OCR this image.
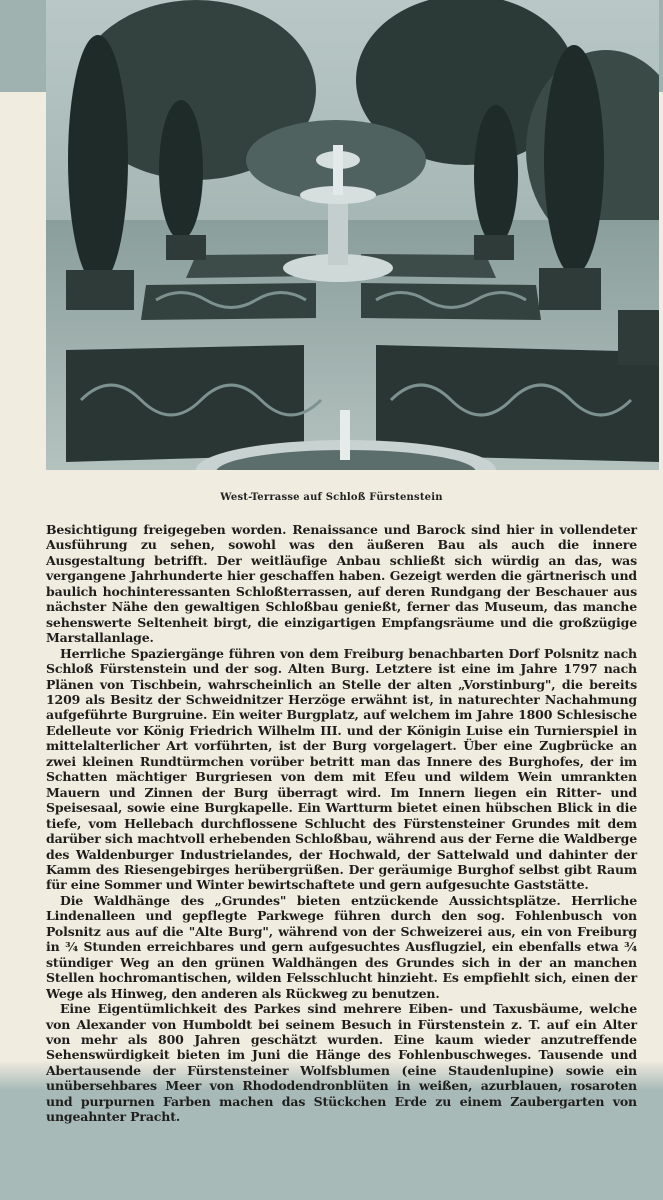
West-Terrasse auf Schloß Fürstenstein

Besichtigung freigegeben worden. Renaissance und Barock sind hier in vollendeter Ausführung zu sehen, sowohl was den äußeren Bau als auch die innere Ausgestaltung betrifft. Der weitläufige Anbau schließt sich würdig an das, was vergangene Jahrhunderte hier geschaffen haben. Gezeigt werden die gärtnerisch und baulich hochinteressanten Schloßterrassen, auf deren Rundgang der Beschauer aus nächster Nähe den gewaltigen Schloßbau genießt, ferner das Museum, das manche sehenswerte Seltenheit birgt, die einzigartigen Empfangsräume und die großzügige Marstallanlage.

Herrliche Spaziergänge führen von dem Freiburg benachbarten Dorf Polsnitz nach Schloß Fürstenstein und der sog. Alten Burg. Letztere ist eine im Jahre 1797 nach Plänen von Tischbein, wahrscheinlich an Stelle der alten „Vorstinburg", die bereits 1209 als Besitz der Schweidnitzer Herzöge erwähnt ist, in naturechter Nachahmung aufgeführte Burgruine. Ein weiter Burgplatz, auf welchem im Jahre 1800 Schlesische Edelleute vor König Friedrich Wilhelm III. und der Königin Luise ein Turnierspiel in mittelalterlicher Art vorführten, ist der Burg vorgelagert. Über eine Zugbrücke an zwei kleinen Rundtürmchen vorüber betritt man das Innere des Burghofes, der im Schatten mächtiger Burgriesen von dem mit Efeu und wildem Wein umrankten Mauern und Zinnen der Burg überragt wird. Im Innern liegen ein Ritter- und Speisesaal, sowie eine Burgkapelle. Ein Wartturm bietet einen hübschen Blick in die tiefe, vom Hellebach durchflossene Schlucht des Fürstensteiner Grundes mit dem darüber sich machtvoll erhebenden Schloßbau, während aus der Ferne die Waldberge des Waldenburger Industrielandes, der Hochwald, der Sattelwald und dahinter der Kamm des Riesengebirges herübergrüßen. Der geräumige Burghof selbst gibt Raum für eine Sommer und Winter bewirtschaftete und gern aufgesuchte Gaststätte.

Die Waldhänge des „Grundes" bieten entzückende Aussichtsplätze. Herrliche Lindenalleen und gepflegte Parkwege führen durch den sog. Fohlenbusch von Polsnitz aus auf die "Alte Burg", während von der Schweizerei aus, ein von Freiburg in ¾ Stunden erreichbares und gern aufgesuchtes Ausflugziel, ein ebenfalls etwa ¾ stündiger Weg an den grünen Waldhängen des Grundes sich in der an manchen Stellen hochromantischen, wilden Felsschlucht hinzieht. Es empfiehlt sich, einen der Wege als Hinweg, den anderen als Rückweg zu benutzen.

Eine Eigentümlichkeit des Parkes sind mehrere Eiben- und Taxusbäume, welche von Alexander von Humboldt bei seinem Besuch in Fürstenstein z. T. auf ein Alter von mehr als 800 Jahren geschätzt wurden. Eine kaum wieder anzutreffende Sehenswürdigkeit bieten im Juni die Hänge des Fohlenbuschweges. Tausende und Abertausende der Fürstensteiner Wolfsblumen (eine Staudenlupine) sowie ein unübersehbares Meer von Rhododendronblüten in weißen, azurblauen, rosaroten und purpurnen Farben machen das Stückchen Erde zu einem Zaubergarten von ungeahnter Pracht.
